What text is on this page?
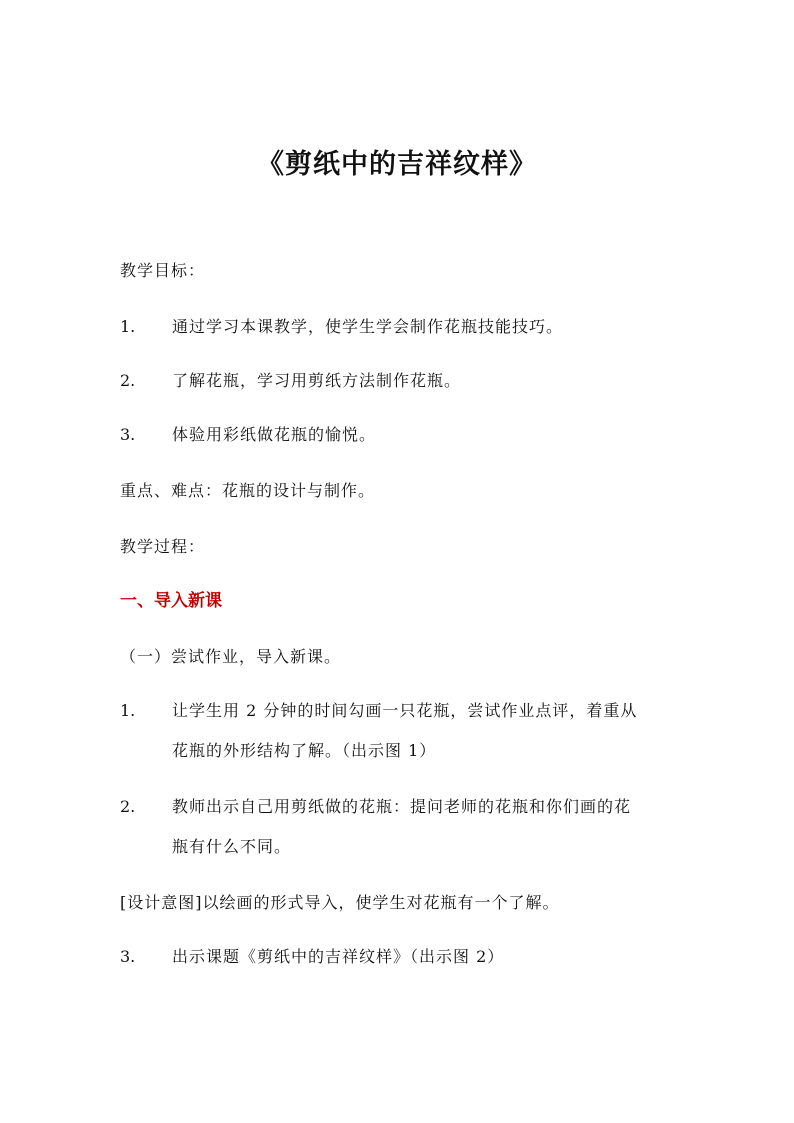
《剪纸中的吉祥纹样》
教学目标：
1. 通过学习本课教学，使学生学会制作花瓶技能技巧。
2. 了解花瓶，学习用剪纸方法制作花瓶。
3. 体验用彩纸做花瓶的愉悦。
重点、难点：花瓶的设计与制作。
教学过程：
一、导入新课
（一）尝试作业，导入新课。
1. 让学生用 2 分钟的时间勾画一只花瓶，尝试作业点评，着重从
花瓶的外形结构了解。（出示图 1）
2. 教师出示自己用剪纸做的花瓶：提问老师的花瓶和你们画的花
瓶有什么不同。
[设计意图]以绘画的形式导入，使学生对花瓶有一个了解。
3. 出示课题《剪纸中的吉祥纹样》（出示图 2）
